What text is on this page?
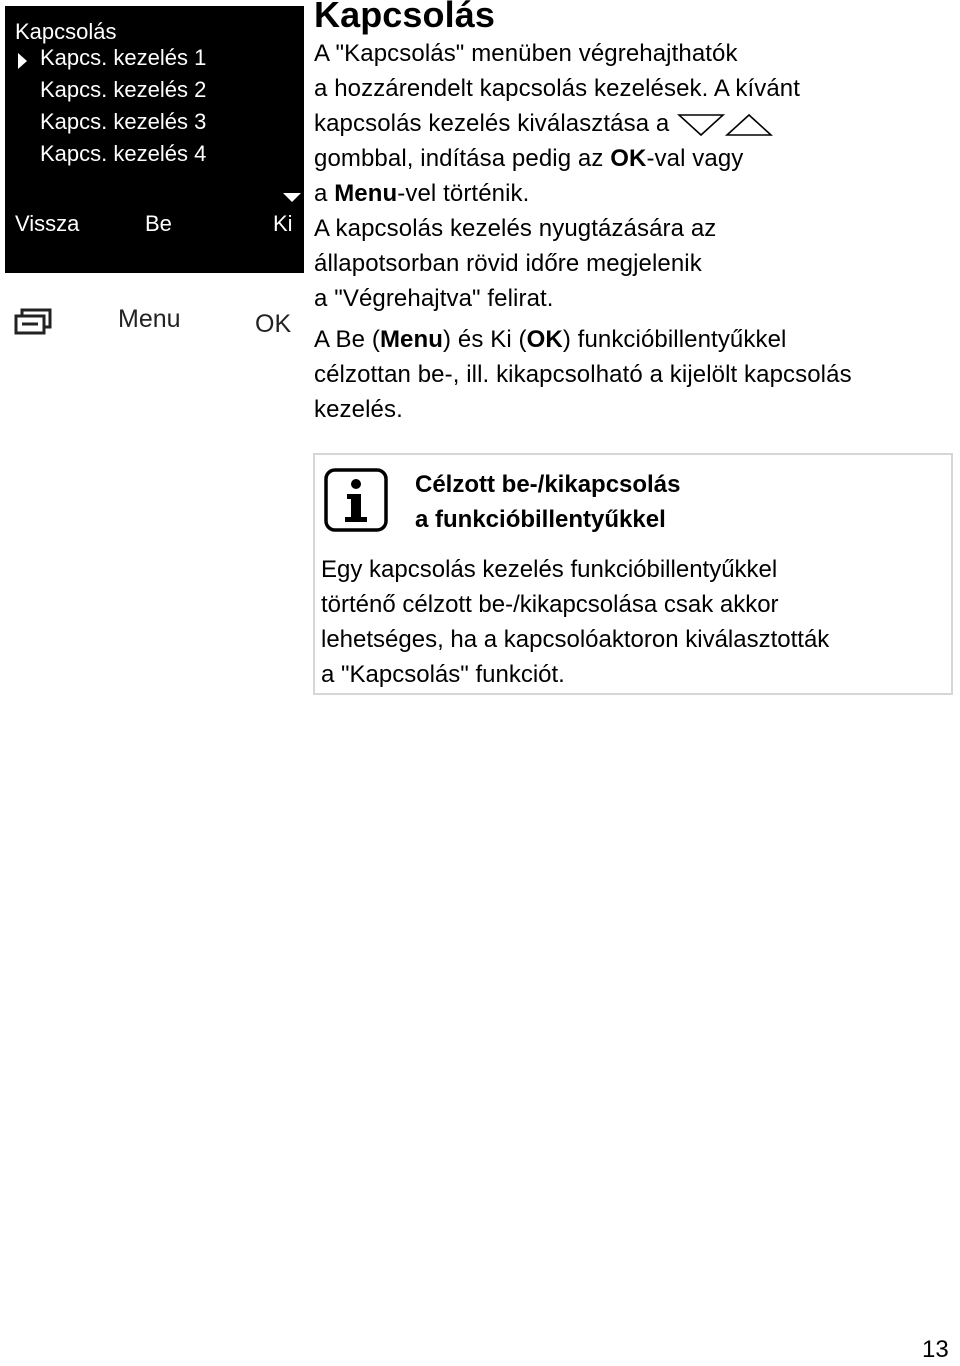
Kapcsolás
Kapcs. kezelés 1
Kapcs. kezelés 2
Kapcs. kezelés 3
Kapcs. kezelés 4
Vissza	Be	Ki
Menu	OK
Kapcsolás

A "Kapcsolás" menüben végrehajthatók
a hozzárendelt kapcsolás kezelések. A kívánt
kapcsolás kezelés kiválasztása a
gombbal, indítása pedig az OK-val vagy
a Menu-vel történik.

A kapcsolás kezelés nyugtázására az
állapotsorban rövid időre megjelenik
a "Végrehajtva" felirat.

A Be (Menu) és Ki (OK) funkcióbillentyűkkel
célzottan be-, ill. kikapcsolható a kijelölt kapcsolás
kezelés.

Célzott be-/kikapcsolás
a funkcióbillentyűkkel
Egy kapcsolás kezelés funkcióbillentyűkkel
történő célzott be-/kikapcsolása csak akkor
lehetséges, ha a kapcsolóaktoron kiválasztották
a "Kapcsolás" funkciót.
13
